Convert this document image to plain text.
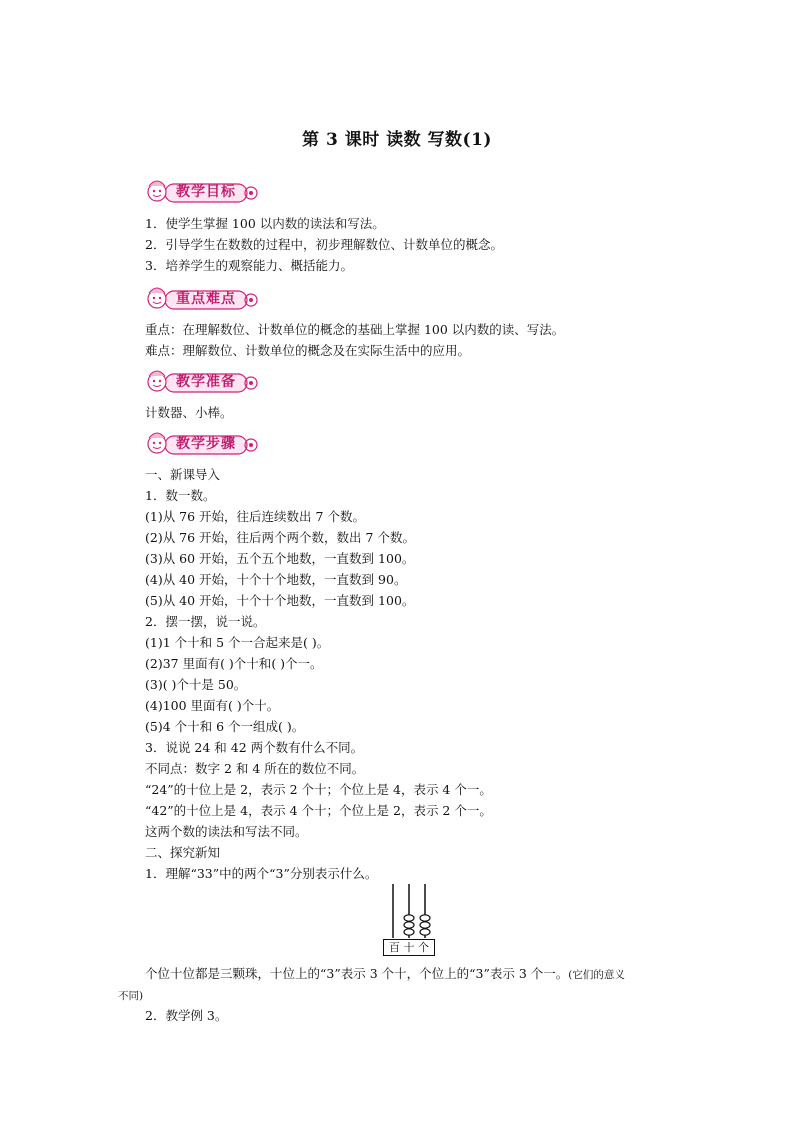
第 3 课时 读数 写数(1)
教学目标
1．使学生掌握 100 以内数的读法和写法。
2．引导学生在数数的过程中，初步理解数位、计数单位的概念。
3．培养学生的观察能力、概括能力。
重点难点
重点：在理解数位、计数单位的概念的基础上掌握 100 以内数的读、写法。
难点：理解数位、计数单位的概念及在实际生活中的应用。
教学准备
计数器、小棒。
教学步骤
一、新课导入
1．数一数。
(1)从 76 开始，往后连续数出 7 个数。
(2)从 76 开始，往后两个两个数，数出 7 个数。
(3)从 60 开始，五个五个地数，一直数到 100。
(4)从 40 开始，十个十个地数，一直数到 90。
(5)从 40 开始，十个十个地数，一直数到 100。
2．摆一摆，说一说。
(1)1 个十和 5 个一合起来是( )。
(2)37 里面有( )个十和( )个一。
(3)( )个十是 50。
(4)100 里面有( )个十。
(5)4 个十和 6 个一组成( )。
3．说说 24 和 42 两个数有什么不同。
不同点：数字 2 和 4 所在的数位不同。
“24”的十位上是 2，表示 2 个十；个位上是 4，表示 4 个一。
“42”的十位上是 4，表示 4 个十；个位上是 2，表示 2 个一。
这两个数的读法和写法不同。
二、探究新知
1．理解“33”中的两个“3”分别表示什么。
百 十 个
个位十位都是三颗珠，十位上的“3”表示 3 个十，个位上的“3”表示 3 个一。(它们的意义
不同)
2．教学例 3。
